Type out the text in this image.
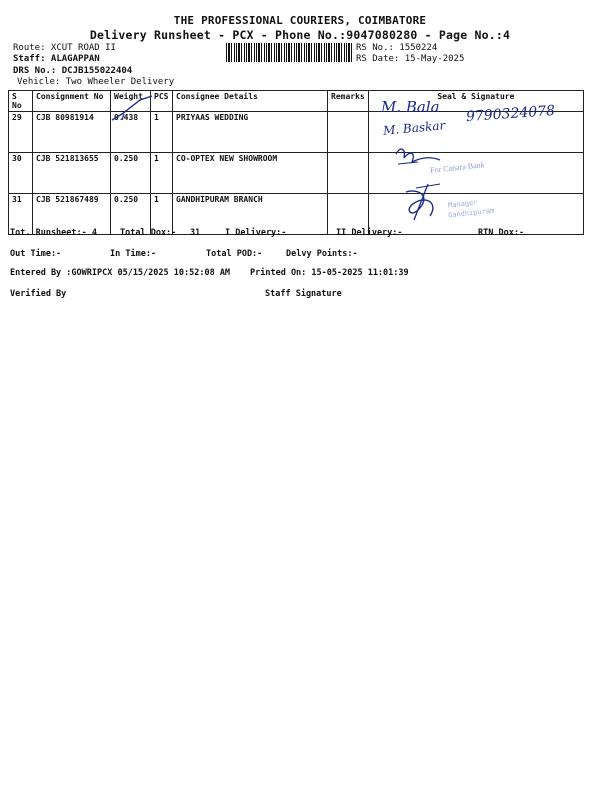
THE PROFESSIONAL COURIERS, COIMBATORE
Delivery Runsheet - PCX - Phone No.:9047080280 - Page No.:4
Route: XCUT ROAD II
Staff: ALAGAPPAN
DRS No.: DCJB155022404
Vehicle: Two Wheeler Delivery
RS No.: 1550224
RS Date: 15-May-2025
S No	Consignment No	Weight	PCS	Consignee Details	Remarks	Seal & Signature
29	CJB 80981914	0.438	1	PRIYAAS WEDDING		
30	CJB 521813655	0.250	1	CO-OPTEX NEW SHOWROOM		
31	CJB 521867489	0.250	1	GANDHIPURAM BRANCH		
M. Bala 9790324078
M. Baskar
For Canara Bank
Manager
Gandhipuram
Tot. Runsheet:- 4	Total Dox:- 31	I Delivery:-	II Delivery:-	RTN Dox:-
Out Time:-	In Time:-	Total POD:-	Delvy Points:-
Entered By :GOWRIPCX 05/15/2025 10:52:08 AM Printed On: 15-05-2025 11:01:39
Verified By	Staff Signature
